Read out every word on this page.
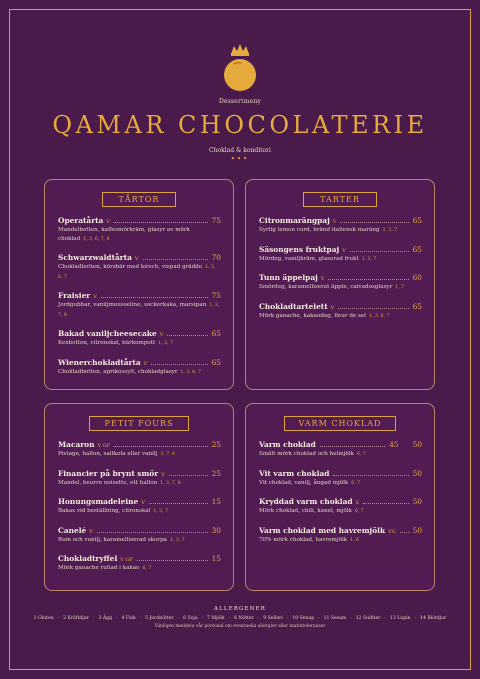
Dessertmeny
QAMAR CHOCOLATERIE
Choklad & konditori
•••
TÅRTOR
Operatårta V	75
Mandelbotten, kaffesmörkräm, glasyr av mörk choklad 1, 3, 6, 7, 8
Schwarzwaldtårta V	70
Chokladbotten, körsbär med kirsch, vispad grädde 1, 3, 6, 7
Fraisier V	75
Jordgubbar, vaniljmousseline, sockerkaka, marsipan 1, 3, 7, 8
Bakad vaniljcheesecake V	65
Kexbotten, citronskal, bärkompott 1, 3, 7
Wienerchokladtårta V	65
Chokladbotten, aprikossylt, chokladglasyr 1, 3, 6, 7
TARTER
Citronmarängpaj V	65
Syrlig lemon curd, bränd italiensk maräng 1, 3, 7
Säsongens fruktpaj V	65
Mördeg, vaniljkräm, glaserad frukt 1, 3, 7
Tunn äppelpaj V	60
Smördeg, karamelliserat äpple, calvadosglasyr 1, 7
Chokladtartelett V	65
Mörk ganache, kakaodeg, fleur de sel 1, 3, 6, 7
PETIT FOURS
Macaron V GF	25
Pistage, hallon, saltkola eller vanilj 3, 7, 8
Financier på brynt smör V	25
Mandel, beurre noisette, ett hallon 1, 3, 7, 8
Honungsmadeleine V	15
Bakas vid beställning, citronskal 1, 3, 7
Canelé V	30
Rom och vanilj, karamelliserad skorpa 1, 3, 7
Chokladtryffel V GF	15
Mörk ganache rullad i kakao 6, 7
VARM CHOKLAD
Varm choklad	45 50
Smält mörk choklad och helmjölk 6, 7
Vit varm choklad	50
Vit choklad, vanilj, ångad mjölk 6, 7
Kryddad varm choklad S	50
Mörk choklad, chili, kanel, mjölk 6, 7
Varm choklad med havremjölk VG 50
70% mörk choklad, havremjölk 1, 6
ALLERGENER
1 Gluten · 2 Kräftdjur · 3 Ägg · 4 Fisk · 5 Jordnötter · 6 Soja · 7 Mjölk · 8 Nötter · 9 Selleri · 10 Senap · 11 Sesam · 12 Sulfiter · 13 Lupin · 14 Blötdjur
Vänligen meddela vår personal om eventuella allergier eller matintoleranser
